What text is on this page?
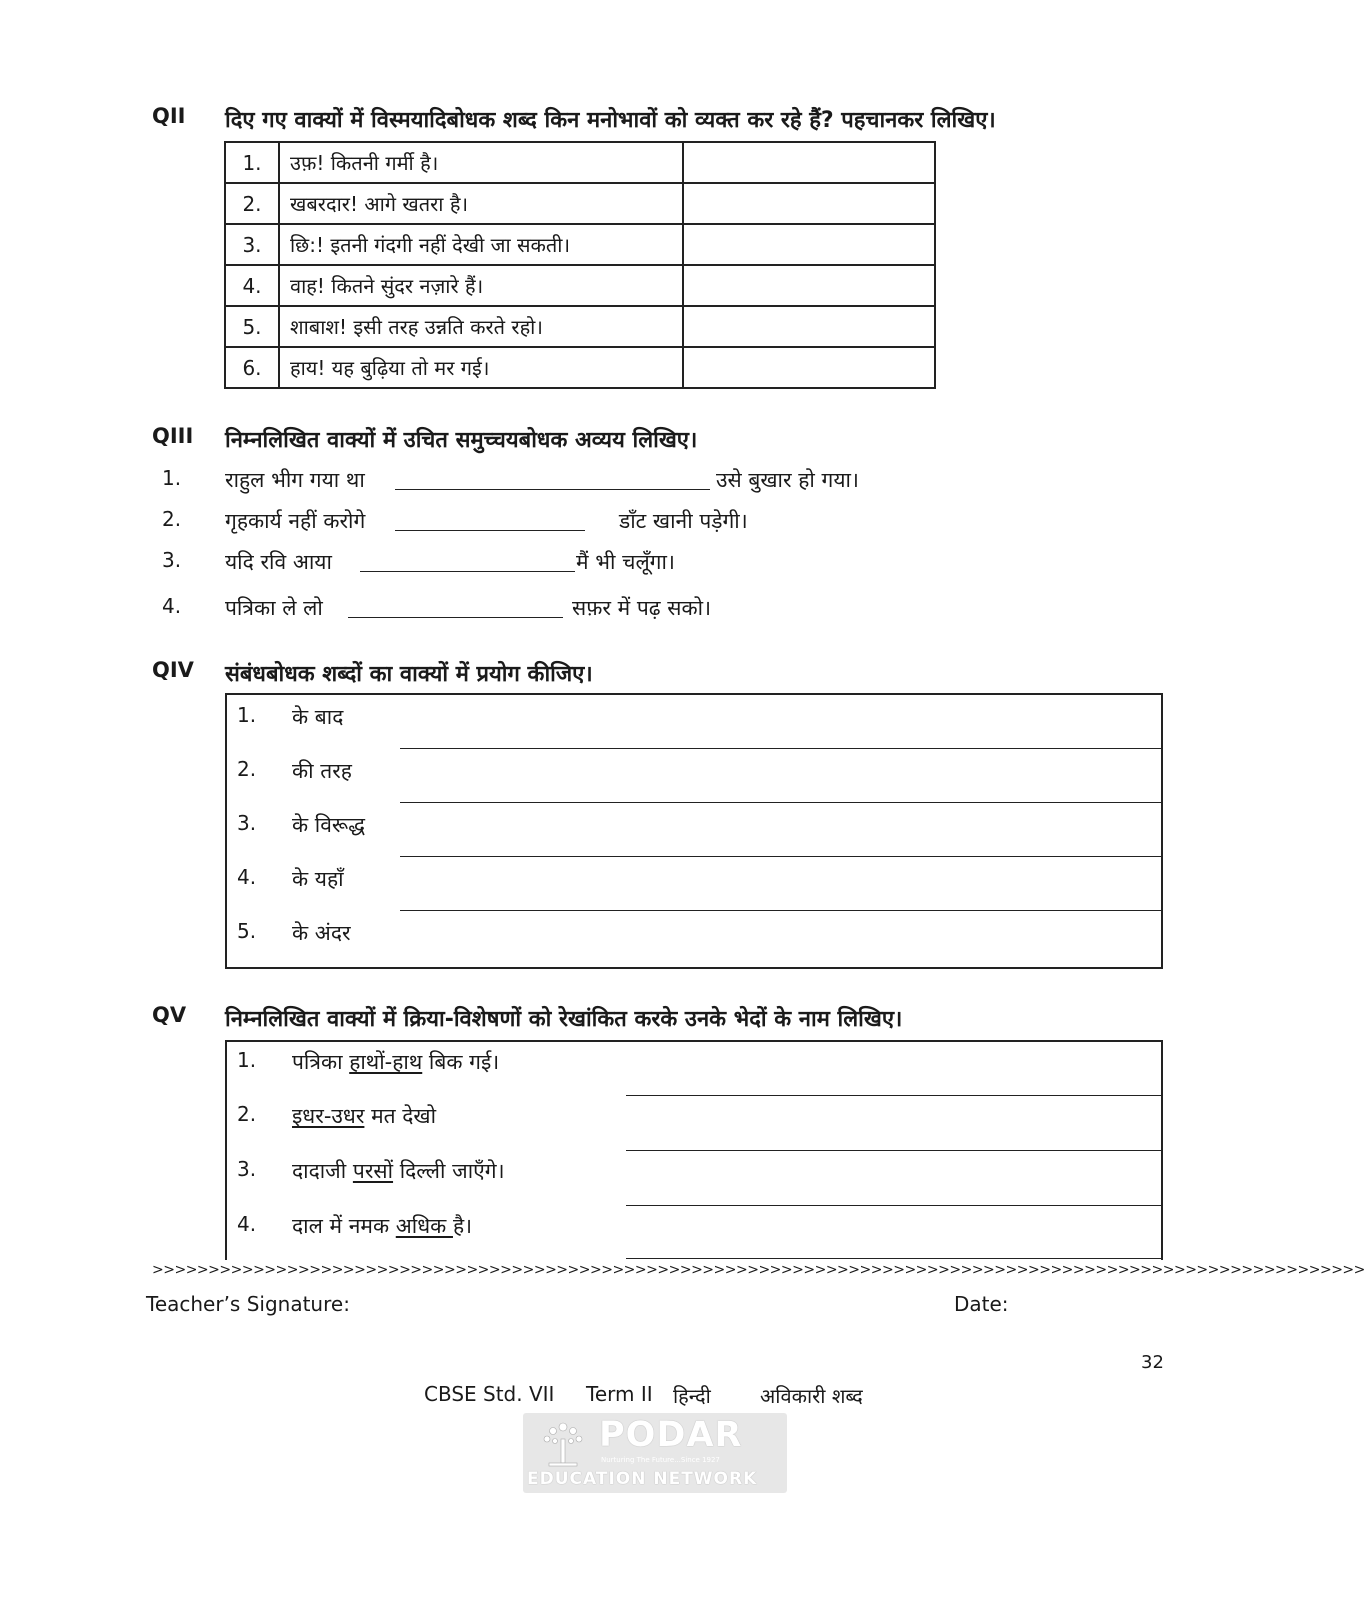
QII दिए गए वाक्यों में विस्मयादिबोधक शब्द किन मनोभावों को व्यक्त कर रहे हैं? पहचानकर लिखिए।
1.	उफ़! कितनी गर्मी है।	
2.	खबरदार! आगे खतरा है।	
3.	छि:! इतनी गंदगी नहीं देखी जा सकती।	
4.	वाह! कितने सुंदर नज़ारे हैं।	
5.	शाबाश! इसी तरह उन्नति करते रहो।	
6.	हाय! यह बुढ़िया तो मर गई।	
QIII निम्नलिखित वाक्यों में उचित समुच्चयबोधक अव्यय लिखिए।
1. राहुल भीग गया था	उसे बुखार हो गया।
2. गृहकार्य नहीं करोगे	डाँट खानी पड़ेगी।
3. यदि रवि आया	मैं भी चलूँगा।
4. पत्रिका ले लो	सफ़र में पढ़ सको।
QIV संबंधबोधक शब्दों का वाक्यों में प्रयोग कीजिए।
1. के बाद
2. की तरह
3. के विरूद्ध
4. के यहाँ
5. के अंदर
QV निम्नलिखित वाक्यों में क्रिया-विशेषणों को रेखांकित करके उनके भेदों के नाम लिखिए।
1. पत्रिका हाथों-हाथ बिक गई।
2. इधर-उधर मत देखो
3. दादाजी परसों दिल्ली जाएँगे।
4. दाल में नमक अधिक है।
>>>>>>>>>>>>>>>>>>>>>>>>>>>>>>>>>>>>>>>>>>>>>>>>>>>>>>>>>>>>>>>>>>>>>>>>>>>>>>>>>>>>>>>>>>>>>>>>>>>>>>>>>>>>
Teacher’s Signature:	Date:
32
CBSE Std. VII Term II हिन्दी अविकारी शब्द
PODAR
Nurturing The Future...Since 1927
EDUCATION NETWORK
